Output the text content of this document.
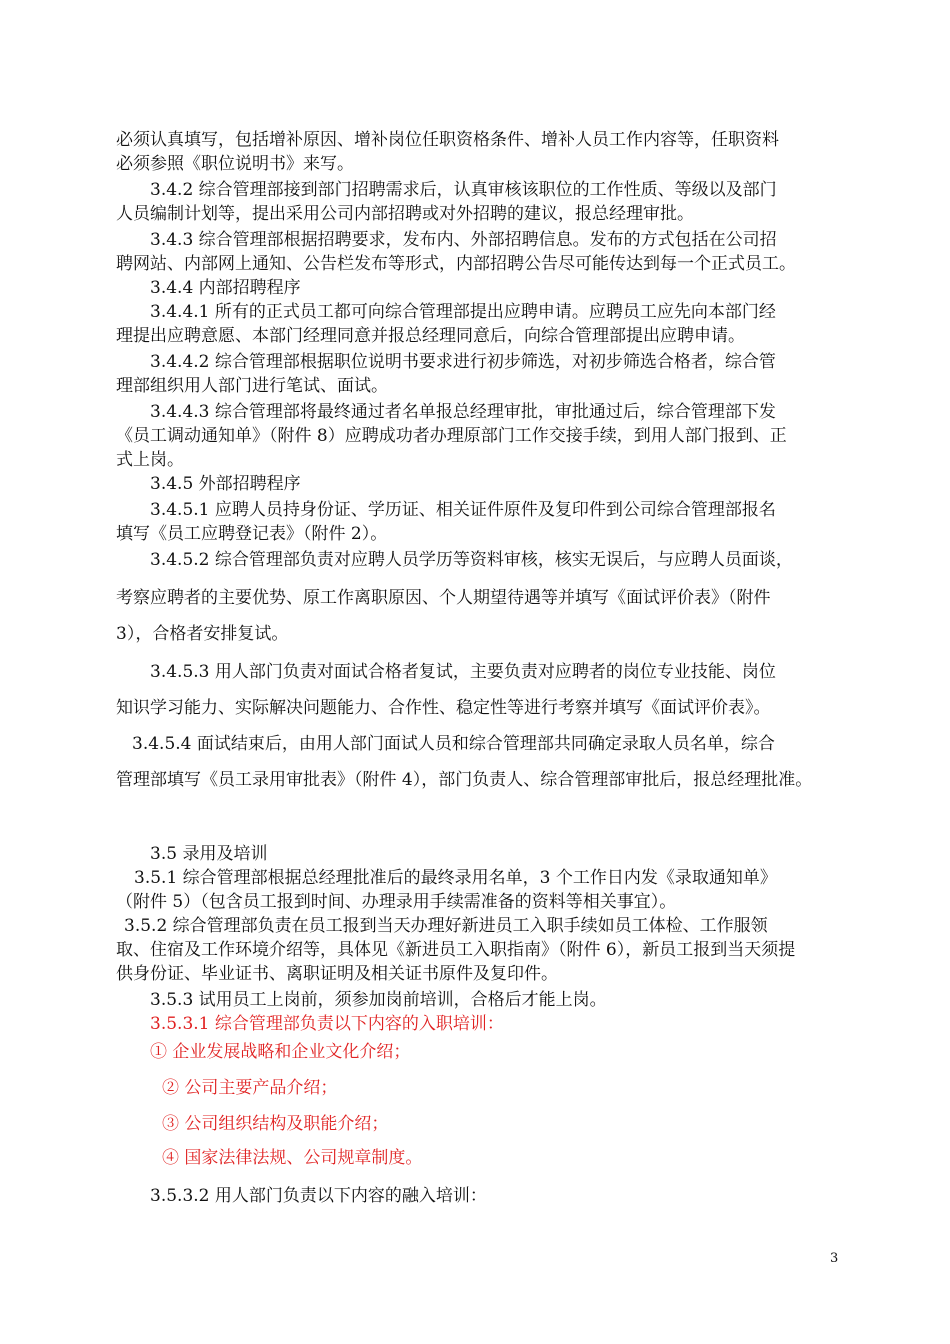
必须认真填写，包括增补原因、增补岗位任职资格条件、增补人员工作内容等，任职资料
必须参照《职位说明书》来写。
3.4.2 综合管理部接到部门招聘需求后，认真审核该职位的工作性质、等级以及部门
人员编制计划等，提出采用公司内部招聘或对外招聘的建议，报总经理审批。
3.4.3 综合管理部根据招聘要求，发布内、外部招聘信息。发布的方式包括在公司招
聘网站、内部网上通知、公告栏发布等形式，内部招聘公告尽可能传达到每一个正式员工。
3.4.4 内部招聘程序
3.4.4.1 所有的正式员工都可向综合管理部提出应聘申请。应聘员工应先向本部门经
理提出应聘意愿、本部门经理同意并报总经理同意后，向综合管理部提出应聘申请。
3.4.4.2 综合管理部根据职位说明书要求进行初步筛选，对初步筛选合格者，综合管
理部组织用人部门进行笔试、面试。
3.4.4.3 综合管理部将最终通过者名单报总经理审批，审批通过后，综合管理部下发
《员工调动通知单》（附件 8）应聘成功者办理原部门工作交接手续，到用人部门报到、正
式上岗。
3.4.5 外部招聘程序
3.4.5.1 应聘人员持身份证、学历证、相关证件原件及复印件到公司综合管理部报名
填写《员工应聘登记表》（附件 2）。
3.4.5.2 综合管理部负责对应聘人员学历等资料审核，核实无误后，与应聘人员面谈，
考察应聘者的主要优势、原工作离职原因、个人期望待遇等并填写《面试评价表》（附件
3），合格者安排复试。
3.4.5.3 用人部门负责对面试合格者复试，主要负责对应聘者的岗位专业技能、岗位
知识学习能力、实际解决问题能力、合作性、稳定性等进行考察并填写《面试评价表》。
3.4.5.4 面试结束后，由用人部门面试人员和综合管理部共同确定录取人员名单，综合
管理部填写《员工录用审批表》（附件 4），部门负责人、综合管理部审批后，报总经理批准。
3.5 录用及培训
3.5.1 综合管理部根据总经理批准后的最终录用名单，3 个工作日内发《录取通知单》
（附件 5）（包含员工报到时间、办理录用手续需准备的资料等相关事宜）。
3.5.2 综合管理部负责在员工报到当天办理好新进员工入职手续如员工体检、工作服领
取、住宿及工作环境介绍等，具体见《新进员工入职指南》（附件 6），新员工报到当天须提
供身份证、毕业证书、离职证明及相关证书原件及复印件。
3.5.3 试用员工上岗前，须参加岗前培训，合格后才能上岗。
3.5.3.1 综合管理部负责以下内容的入职培训：
① 企业发展战略和企业文化介绍；
② 公司主要产品介绍；
③ 公司组织结构及职能介绍；
④ 国家法律法规、公司规章制度。
3.5.3.2 用人部门负责以下内容的融入培训：
3
